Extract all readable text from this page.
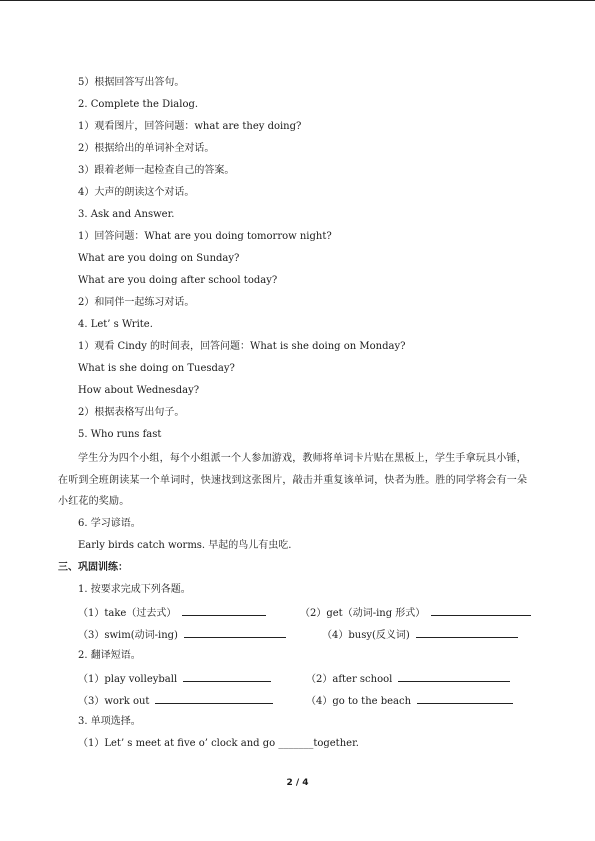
5）根据回答写出答句。
2. Complete the Dialog.
1）观看图片，回答问题：what are they doing?
2）根据给出的单词补全对话。
3）跟着老师一起检查自己的答案。
4）大声的朗读这个对话。
3. Ask and Answer.
1）回答问题：What are you doing tomorrow night?
What are you doing on Sunday?
What are you doing after school today?
2）和同伴一起练习对话。
4. Let’ s Write.
1）观看 Cindy 的时间表，回答问题：What is she doing on Monday?
What is she doing on Tuesday?
How about Wednesday?
2）根据表格写出句子。
5. Who runs fast
学生分为四个小组，每个小组派一个人参加游戏，教师将单词卡片贴在黑板上，学生手拿玩具小锤，在听到全班朗读某一个单词时，快速找到这张图片，敲击并重复该单词，快者为胜。胜的同学将会有一朵小红花的奖励。
6. 学习谚语。
Early birds catch worms. 早起的鸟儿有虫吃.
三、巩固训练：
1. 按要求完成下列各题。
（1）take（过去式）	（2）get（动词-ing 形式）
（3）swim(动词-ing)	（4）busy(反义词)
2. 翻译短语。
（1）play volleyball	（2）after school
（3）work out	（4）go to the beach
3. 单项选择。
（1）Let’ s meet at five o’ clock and go _______together.
2 / 4
